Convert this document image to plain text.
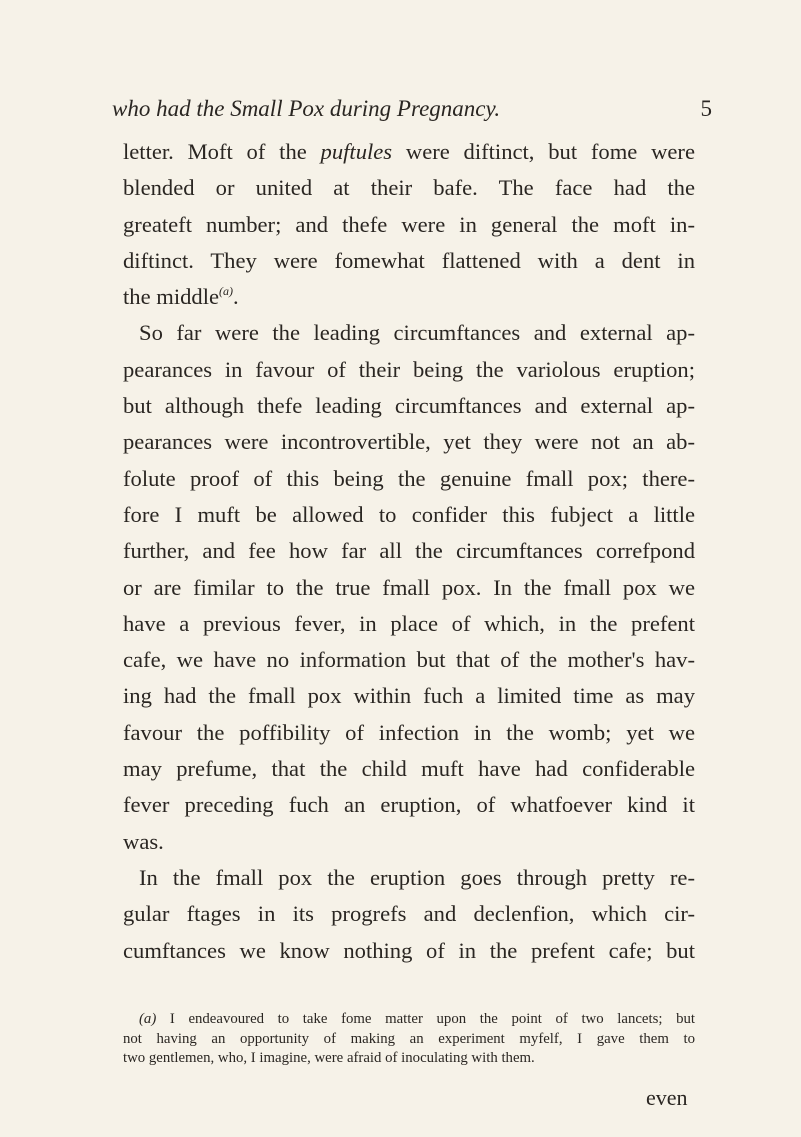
who had the Small Pox during Pregnancy.	5
letter. Moft of the puftules were diftinct, but fome were
blended or united at their bafe. The face had the
greateft number; and thefe were in general the moft in-
diftinct. They were fomewhat flattened with a dent in
the middle$^{(a)}$.
So far were the leading circumftances and external ap-
pearances in favour of their being the variolous eruption;
but although thefe leading circumftances and external ap-
pearances were incontrovertible, yet they were not an ab-
folute proof of this being the genuine fmall pox; there-
fore I muft be allowed to confider this fubject a little
further, and fee how far all the circumftances correfpond
or are fimilar to the true fmall pox. In the fmall pox we
have a previous fever, in place of which, in the prefent
cafe, we have no information but that of the mother's hav-
ing had the fmall pox within fuch a limited time as may
favour the poffibility of infection in the womb; yet we
may prefume, that the child muft have had confiderable
fever preceding fuch an eruption, of whatfoever kind it
was.
In the fmall pox the eruption goes through pretty re-
gular ftages in its progrefs and declenfion, which cir-
cumftances we know nothing of in the prefent cafe; but
(a) I endeavoured to take fome matter upon the point of two lancets; but
not having an opportunity of making an experiment myfelf, I gave them to
two gentlemen, who, I imagine, were afraid of inoculating with them.
even
